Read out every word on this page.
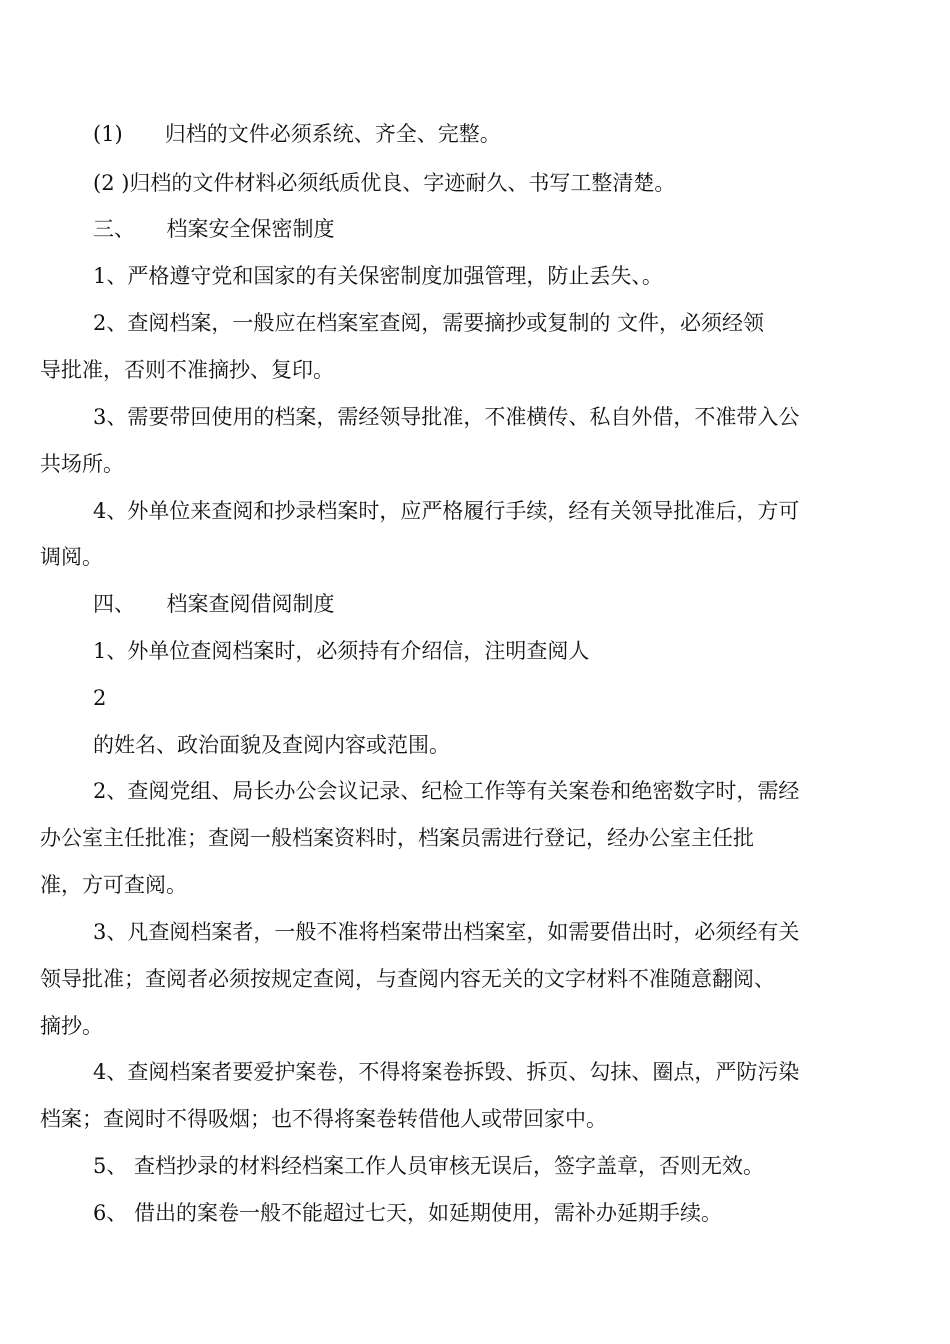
(1)　　归档的文件必须系统、齐全、完整。
(2 )归档的文件材料必须纸质优良、字迹耐久、书写工整清楚。
三、　　档案安全保密制度
1、严格遵守党和国家的有关保密制度加强管理，防止丢失、。
2、查阅档案，一般应在档案室查阅，需要摘抄或复制的 文件，必须经领
导批准，否则不准摘抄、复印。
3、需要带回使用的档案，需经领导批准，不准横传、私自外借，不准带入公
共场所。
4、外单位来查阅和抄录档案时，应严格履行手续，经有关领导批准后，方可
调阅。
四、　　档案查阅借阅制度
1、外单位查阅档案时，必须持有介绍信，注明查阅人
2
的姓名、政治面貌及查阅内容或范围。
2、查阅党组、局长办公会议记录、纪检工作等有关案卷和绝密数字时，需经
办公室主任批准；查阅一般档案资料时，档案员需进行登记，经办公室主任批
准，方可查阅。
3、凡查阅档案者，一般不准将档案带出档案室，如需要借出时，必须经有关
领导批准；查阅者必须按规定查阅，与查阅内容无关的文字材料不准随意翻阅、
摘抄。
4、查阅档案者要爱护案卷，不得将案卷拆毁、拆页、勾抹、圈点，严防污染
档案；查阅时不得吸烟；也不得将案卷转借他人或带回家中。
5、 查档抄录的材料经档案工作人员审核无误后，签字盖章，否则无效。
6、 借出的案卷一般不能超过七天，如延期使用，需补办延期手续。
